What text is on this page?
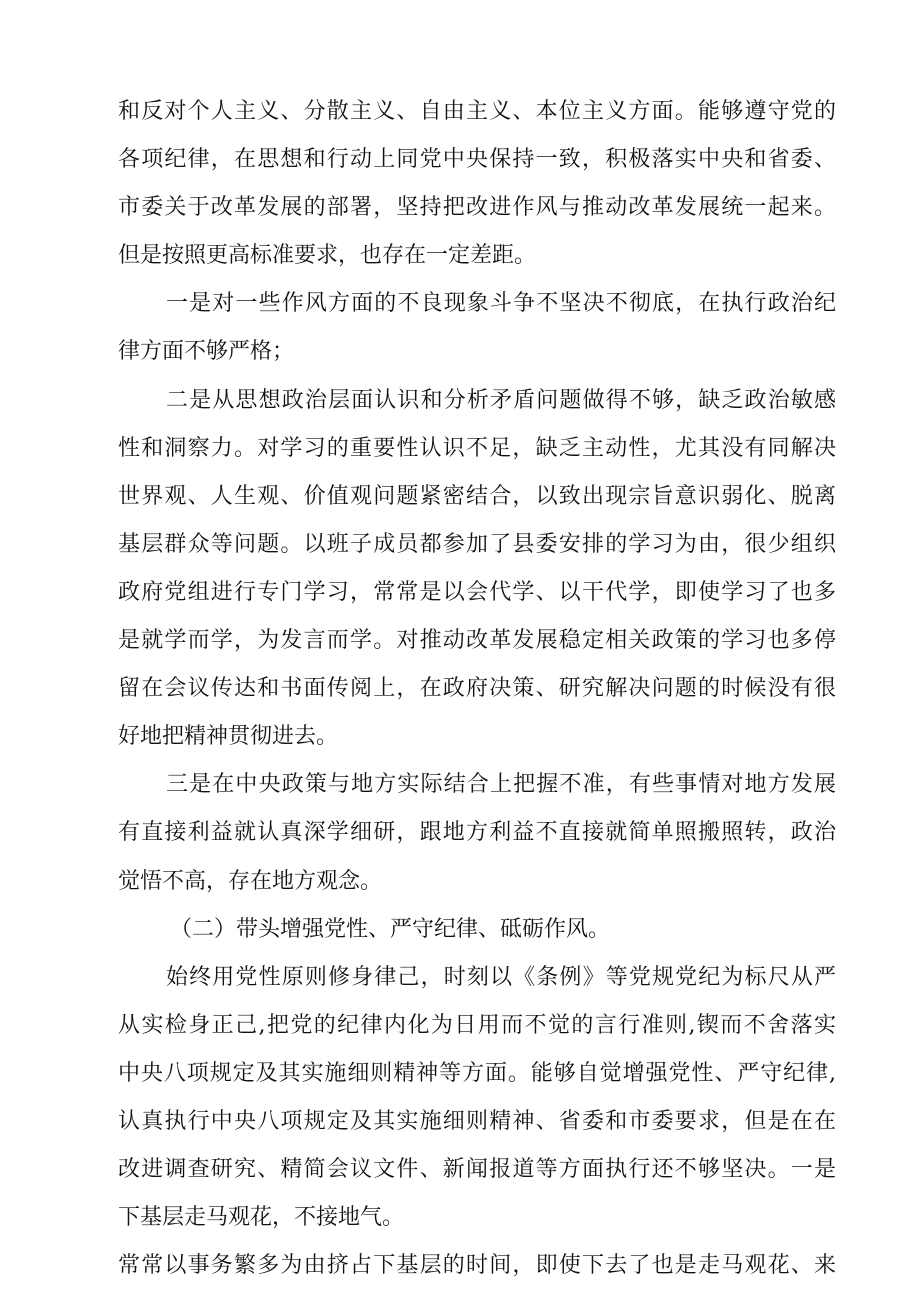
和反对个人主义、分散主义、自由主义、本位主义方面。能够遵守党的
各项纪律，在思想和行动上同党中央保持一致，积极落实中央和省委、
市委关于改革发展的部署，坚持把改进作风与推动改革发展统一起来。
但是按照更高标准要求，也存在一定差距。
一是对一些作风方面的不良现象斗争不坚决不彻底，在执行政治纪
律方面不够严格；
二是从思想政治层面认识和分析矛盾问题做得不够，缺乏政治敏感
性和洞察力。对学习的重要性认识不足，缺乏主动性，尤其没有同解决
世界观、人生观、价值观问题紧密结合，以致出现宗旨意识弱化、脱离
基层群众等问题。以班子成员都参加了县委安排的学习为由，很少组织
政府党组进行专门学习，常常是以会代学、以干代学，即使学习了也多
是就学而学，为发言而学。对推动改革发展稳定相关政策的学习也多停
留在会议传达和书面传阅上，在政府决策、研究解决问题的时候没有很
好地把精神贯彻进去。
三是在中央政策与地方实际结合上把握不准，有些事情对地方发展
有直接利益就认真深学细研，跟地方利益不直接就简单照搬照转，政治
觉悟不高，存在地方观念。
（二）带头增强党性、严守纪律、砥砺作风。
始终用党性原则修身律己，时刻以《条例》等党规党纪为标尺从严
从实检身正己,把党的纪律内化为日用而不觉的言行准则,锲而不舍落实
中央八项规定及其实施细则精神等方面。能够自觉增强党性、严守纪律,
认真执行中央八项规定及其实施细则精神、省委和市委要求，但是在在
改进调查研究、精简会议文件、新闻报道等方面执行还不够坚决。一是
下基层走马观花，不接地气。
常常以事务繁多为由挤占下基层的时间，即使下去了也是走马观花、来
